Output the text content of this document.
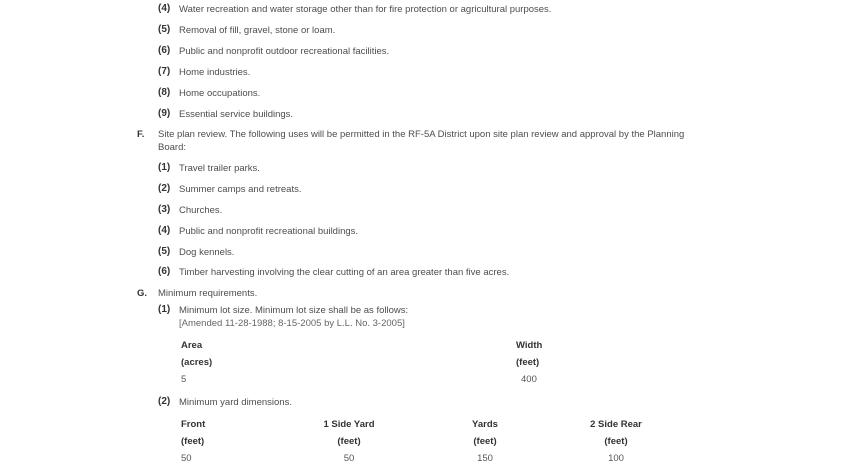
(4) Water recreation and water storage other than for fire protection or agricultural purposes.
(5) Removal of fill, gravel, stone or loam.
(6) Public and nonprofit outdoor recreational facilities.
(7) Home industries.
(8) Home occupations.
(9) Essential service buildings.
F. Site plan review. The following uses will be permitted in the RF-5A District upon site plan review and approval by the Planning
Board:
(1) Travel trailer parks.
(2) Summer camps and retreats.
(3) Churches.
(4) Public and nonprofit recreational buildings.
(5) Dog kennels.
(6) Timber harvesting involving the clear cutting of an area greater than five acres.
G. Minimum requirements.
(1) Minimum lot size. Minimum lot size shall be as follows:
[Amended 11-28-1988; 8-15-2005 by L.L. No. 3-2005]
Area	Width
(acres)	(feet)
5	400
(2) Minimum yard dimensions.
Front	1 Side Yard	Yards	2 Side Rear
(feet)	(feet)	(feet)	(feet)
50	50	150	100
